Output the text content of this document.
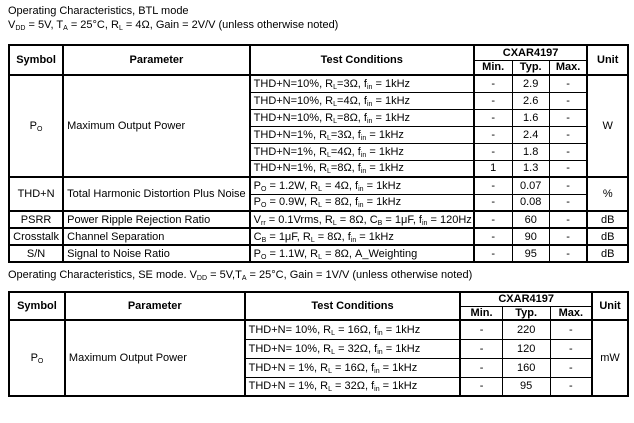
Operating Characteristics, BTL mode

$V_{DD} = 5V$, $T_A = 25^\circ C$, $R_L = 4\Omega$, Gain = 2V/V (unless otherwise noted)

Symbol	Parameter	Test Conditions	CXAR4197			Unit
			Min.	Typ.	Max.	
$P_O$	Maximum Output Power	THD+N=10%, $R_L=3\Omega$, $f_{in} = 1kHz$	-	2.9	-	W
		THD+N=10%, $R_L=4\Omega$, $f_{in} = 1kHz$	-	2.6	-	
		THD+N=10%, $R_L=8\Omega$, $f_{in} = 1kHz$	-	1.6	-	
		THD+N=1%, $R_L=3\Omega$, $f_{in} = 1kHz$	-	2.4	-	
		THD+N=1%, $R_L=4\Omega$, $f_{in} = 1kHz$	-	1.8	-	
		THD+N=1%, $R_L=8\Omega$, $f_{in} = 1kHz$	1	1.3	-	
THD+N	Total Harmonic Distortion Plus Noise	$P_O = 1.2W$, $R_L = 4\Omega$, $f_{in} = 1kHz$	-	0.07	-	%
		$P_O = 0.9W$, $R_L = 8\Omega$, $f_{in} = 1kHz$	-	0.08	-	
PSRR	Power Ripple Rejection Ratio	$V_{rr}$ = 0.1Vrms, $R_L = 8\Omega$, $C_B = 1\mu F$, $f_{in} = 120Hz$	-	60	-	dB
Crosstalk	Channel Separation	$C_B = 1\mu F$, $R_L = 8\Omega$, $f_{in} = 1kHz$	-	90	-	dB
S/N	Signal to Noise Ratio	$P_O = 1.1W$, $R_L = 8\Omega$, A_Weighting	-	95	-	dB

Operating Characteristics, SE mode. $V_{DD} = 5V,T_A = 25^\circ C$, Gain = 1V/V (unless otherwise noted)

Symbol	Parameter	Test Conditions	CXAR4197			Unit
			Min.	Typ.	Max.	
$P_O$	Maximum Output Power	THD+N= 10%, $R_L = 16\Omega$, $f_{in} = 1kHz$	-	220	-	mW
		THD+N= 10%, $R_L = 32\Omega$, $f_{in} = 1kHz$	-	120	-	
		THD+N = 1%, $R_L = 16\Omega$, $f_{in} = 1kHz$	-	160	-	
		THD+N = 1%, $R_L = 32\Omega$, $f_{in} = 1kHz$	-	95	-	
